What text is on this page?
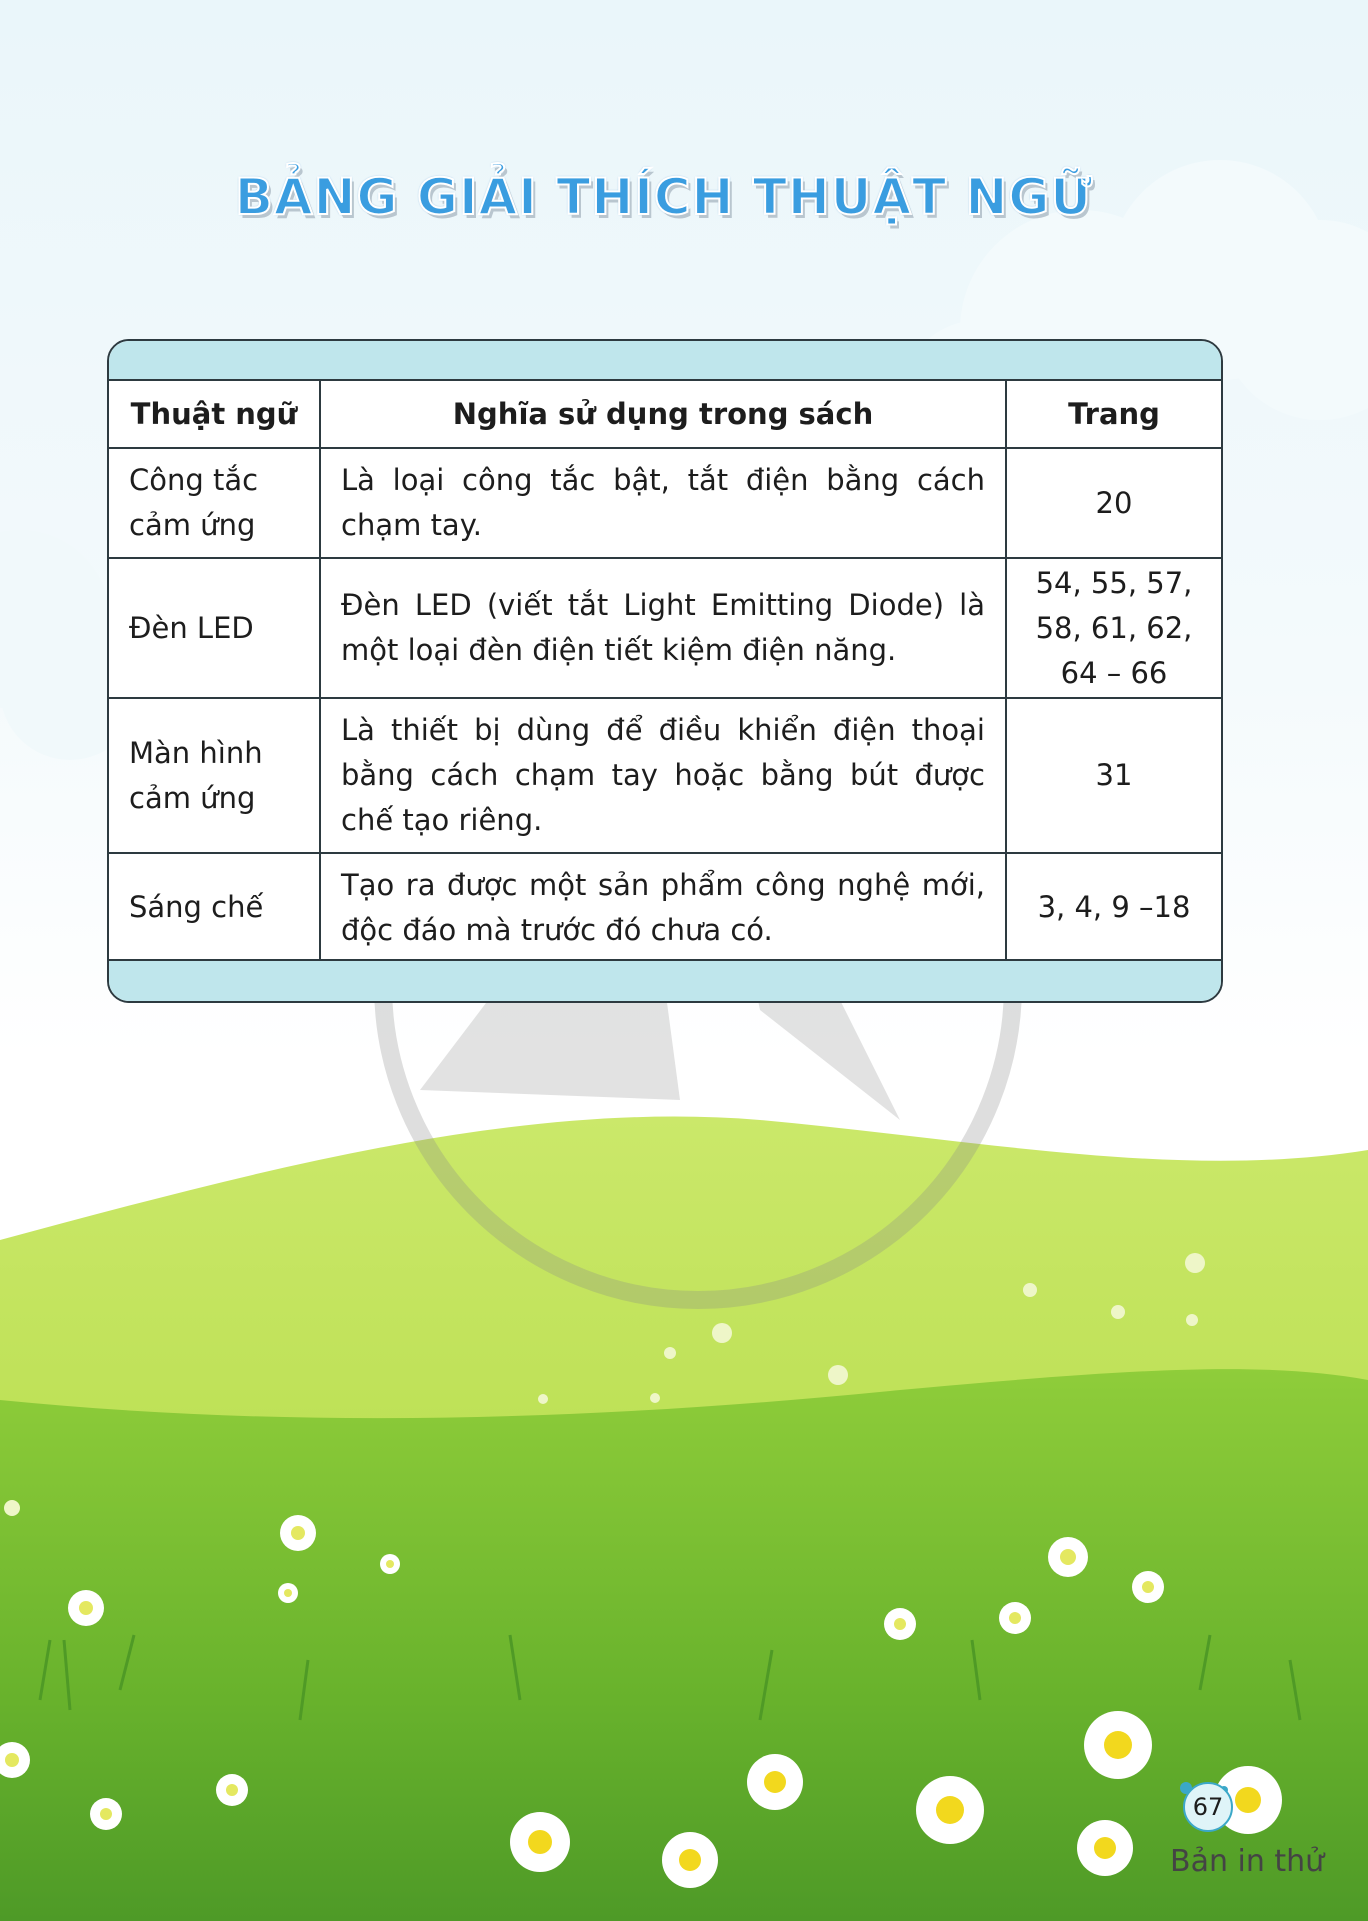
BẢNG GIẢI THÍCH THUẬT NGỮ
Thuật ngữ	Nghĩa sử dụng trong sách	Trang
Công tắc cảm ứng	Là loại công tắc bật, tắt điện bằng cách chạm tay.	20

Đèn LED	Đèn LED (viết tắt Light Emitting Diode) là một loại đèn điện tiết kiệm điện năng.	54, 55, 57,
58, 61, 62,
64 – 66

Màn hình cảm ứng	Là thiết bị dùng để điều khiển điện thoại bằng cách chạm tay hoặc bằng bút được chế tạo riêng.	31

Sáng chế	Tạo ra được một sản phẩm công nghệ mới, độc đáo mà trước đó chưa có.	3, 4, 9 –18
67
Bản in thử
